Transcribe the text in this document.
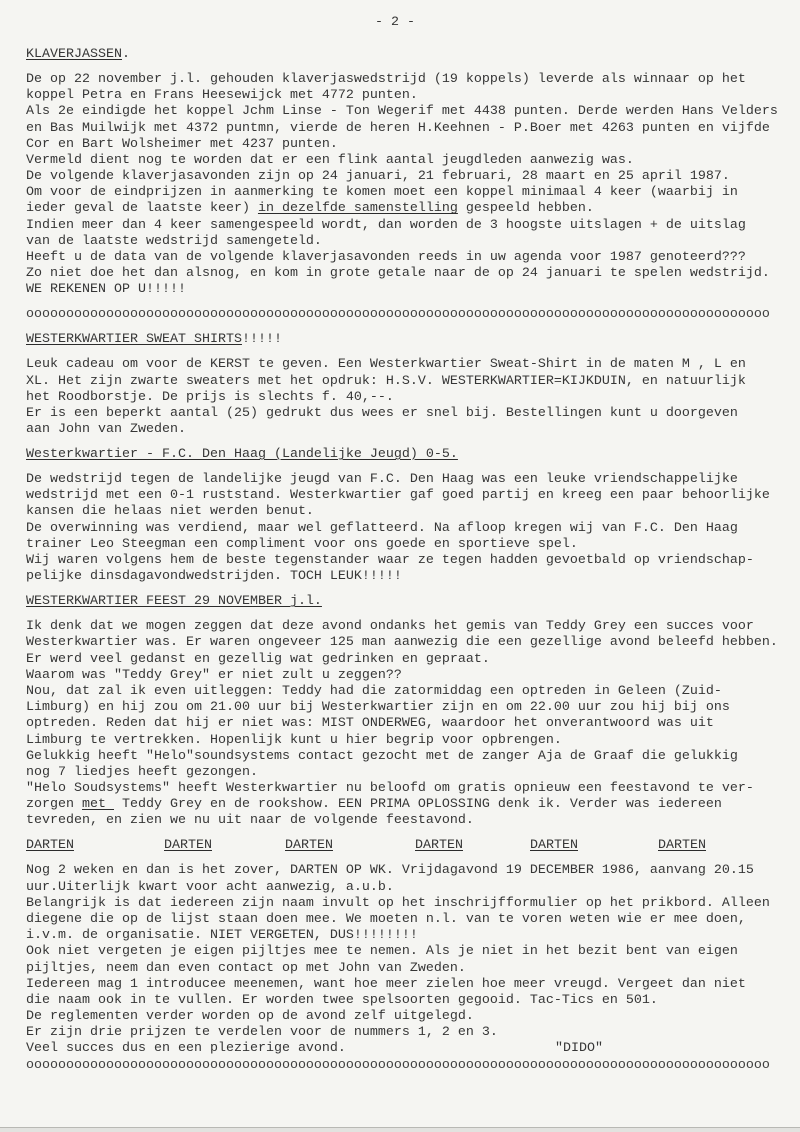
- 2 -
KLAVERJASSEN.
De op 22 november j.l. gehouden klaverjaswedstrijd (19 koppels) leverde als winnaar op het
koppel Petra en Frans Heesewijck met 4772 punten.
Als 2e eindigde het koppel Jchm Linse - Ton Wegerif met 4438 punten. Derde werden Hans Velders
en Bas Muilwijk met 4372 puntmn, vierde de heren H.Keehnen - P.Boer met 4263 punten en vijfde
Cor en Bart Wolsheimer met 4237 punten.
Vermeld dient nog te worden dat er een flink aantal jeugdleden aanwezig was.
De volgende klaverjasavonden zijn op 24 januari, 21 februari, 28 maart en 25 april 1987.
Om voor de eindprijzen in aanmerking te komen moet een koppel minimaal 4 keer (waarbij in
ieder geval de laatste keer) in dezelfde samenstelling gespeeld hebben.
Indien meer dan 4 keer samengespeeld wordt, dan worden de 3 hoogste uitslagen + de uitslag
van de laatste wedstrijd samengeteld.
Heeft u de data van de volgende klaverjasavonden reeds in uw agenda voor 1987 genoteerd???
Zo niet doe het dan alsnog, en kom in grote getale naar de op 24 januari te spelen wedstrijd.
WE REKENEN OP U!!!!!
ooooooooooooooooooooooooooooooooooooooooooooooooooooooooooooooooooooooooooooooooooooooooooooo
WESTERKWARTIER SWEAT SHIRTS!!!!!
Leuk cadeau om voor de KERST te geven. Een Westerkwartier Sweat-Shirt in de maten M , L en
XL. Het zijn zwarte sweaters met het opdruk: H.S.V. WESTERKWARTIER=KIJKDUIN, en natuurlijk
het Roodborstje. De prijs is slechts f. 40,--.
Er is een beperkt aantal (25) gedrukt dus wees er snel bij. Bestellingen kunt u doorgeven
aan John van Zweden.
Westerkwartier - F.C. Den Haag (Landelijke Jeugd) 0-5.
De wedstrijd tegen de landelijke jeugd van F.C. Den Haag was een leuke vriendschappelijke
wedstrijd met een 0-1 ruststand. Westerkwartier gaf goed partij en kreeg een paar behoorlijke
kansen die helaas niet werden benut.
De overwinning was verdiend, maar wel geflatteerd. Na afloop kregen wij van F.C. Den Haag
trainer Leo Steegman een compliment voor ons goede en sportieve spel.
Wij waren volgens hem de beste tegenstander waar ze tegen hadden gevoetbald op vriendschap-
pelijke dinsdagavondwedstrijden. TOCH LEUK!!!!!
WESTERKWARTIER FEEST 29 NOVEMBER j.l.
Ik denk dat we mogen zeggen dat deze avond ondanks het gemis van Teddy Grey een succes voor
Westerkwartier was. Er waren ongeveer 125 man aanwezig die een gezellige avond beleefd hebben.
Er werd veel gedanst en gezellig wat gedrinken en gepraat.
Waarom was "Teddy Grey" er niet zult u zeggen??
Nou, dat zal ik even uitleggen: Teddy had die zatormiddag een optreden in Geleen (Zuid-
Limburg) en hij zou om 21.00 uur bij Westerkwartier zijn en om 22.00 uur zou hij bij ons
optreden. Reden dat hij er niet was: MIST ONDERWEG, waardoor het onverantwoord was uit
Limburg te vertrekken. Hopenlijk kunt u hier begrip voor opbrengen.
Gelukkig heeft "Helo"soundsystems contact gezocht met de zanger Aja de Graaf die gelukkig
nog 7 liedjes heeft gezongen.
"Helo Soudsystems" heeft Westerkwartier nu beloofd om gratis opnieuw een feestavond te ver-
zorgen met  Teddy Grey en de rookshow. EEN PRIMA OPLOSSING denk ik. Verder was iedereen
tevreden, en zien we nu uit naar de volgende feestavond.
DARTEN	DARTEN	DARTEN	DARTEN	DARTEN	DARTEN
Nog 2 weken en dan is het zover, DARTEN OP WK. Vrijdagavond 19 DECEMBER 1986, aanvang 20.15
uur.Uiterlijk kwart voor acht aanwezig, a.u.b.
Belangrijk is dat iedereen zijn naam invult op het inschrijfformulier op het prikbord. Alleen
diegene die op de lijst staan doen mee. We moeten n.l. van te voren weten wie er mee doen,
i.v.m. de organisatie. NIET VERGETEN, DUS!!!!!!!!
Ook niet vergeten je eigen pijltjes mee te nemen. Als je niet in het bezit bent van eigen
pijltjes, neem dan even contact op met John van Zweden.
Iedereen mag 1 introducee meenemen, want hoe meer zielen hoe meer vreugd. Vergeet dan niet
die naam ook in te vullen. Er worden twee spelsoorten gegooid. Tac-Tics en 501.
De reglementen verder worden op de avond zelf uitgelegd.
Er zijn drie prijzen te verdelen voor de nummers 1, 2 en 3.
Veel succes dus en een plezierige avond.	"DIDO"
ooooooooooooooooooooooooooooooooooooooooooooooooooooooooooooooooooooooooooooooooooooooooooooo
